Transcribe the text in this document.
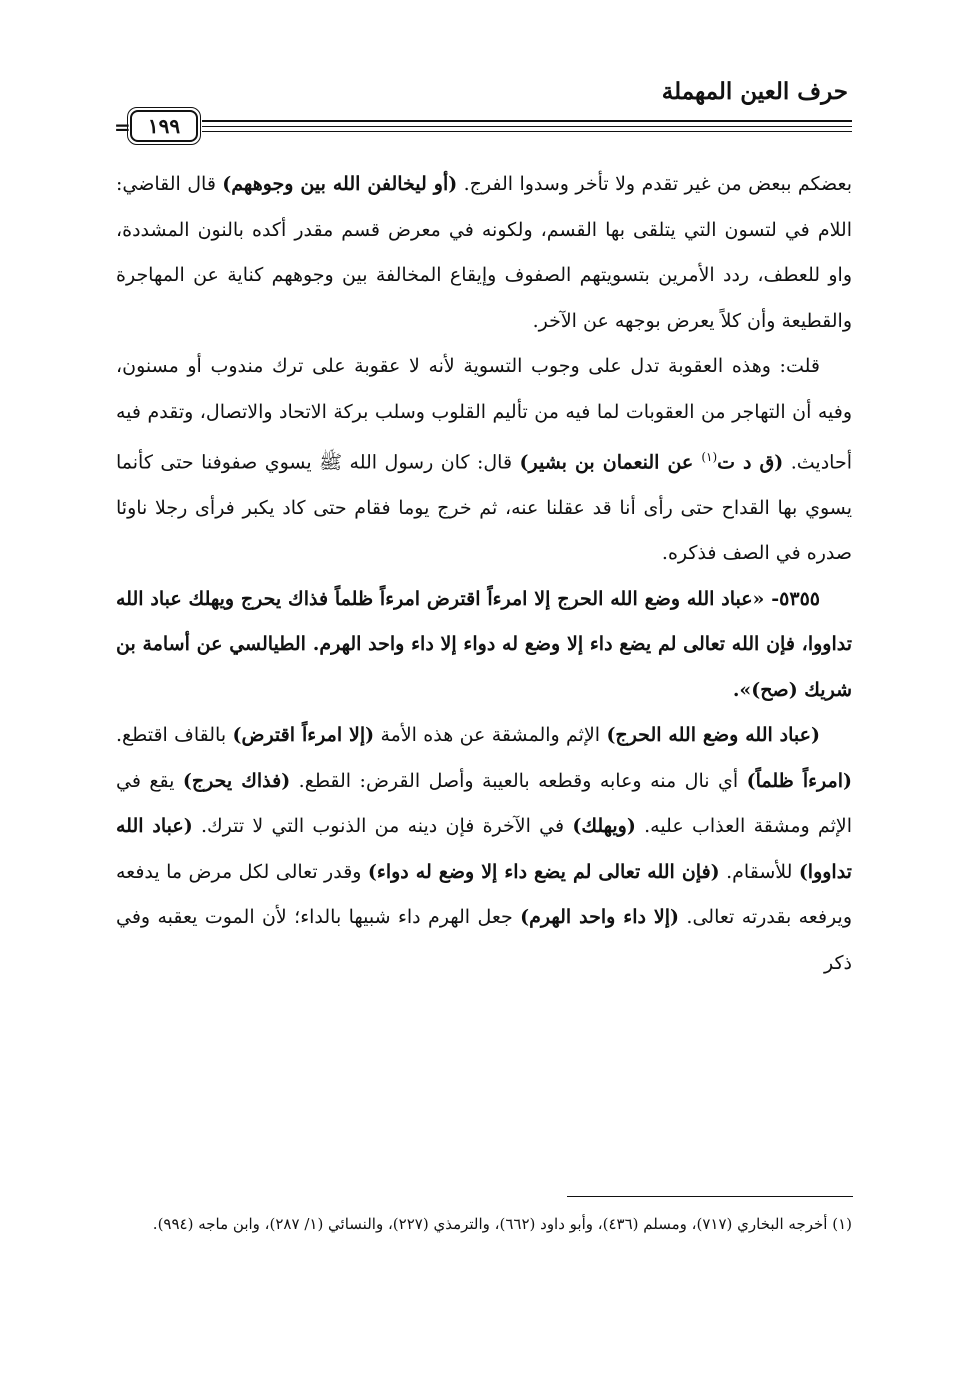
حرف العين المهملة
= ١٩٩

بعضكم ببعض من غير تقدم ولا تأخر وسدوا الفرج. (أو ليخالفن الله بين وجوههم) قال القاضي: اللام في لتسون التي يتلقى بها القسم، ولكونه في معرض قسم مقدر أكده بالنون المشددة، واو للعطف، ردد الأمرين بتسويتهم الصفوف وإيقاع المخالفة بين وجوههم كناية عن المهاجرة والقطيعة وأن كلاً يعرض بوجهه عن الآخر.

قلت: وهذه العقوبة تدل على وجوب التسوية لأنه لا عقوبة على ترك مندوب أو مسنون، وفيه أن التهاجر من العقوبات لما فيه من تأليم القلوب وسلب بركة الاتحاد والاتصال، وتقدم فيه أحاديث. (ق د ت$^{(١)}$ عن النعمان بن بشير) قال: كان رسول الله ﷺ يسوي صفوفنا حتى كأنما يسوي بها القداح حتى رأى أنا قد عقلنا عنه، ثم خرج يوما فقام حتى كاد يكبر فرأى رجلا ناوئا صدره في الصف فذكره.

٥٣٥٥- «عباد الله وضع الله الحرج إلا امرءاً اقترض امرءاً ظلماً فذاك يحرج ويهلك عباد الله تداووا، فإن الله تعالى لم يضع داء إلا وضع له دواء إلا داء واحد الهرم. الطيالسي عن أسامة بن شريك (صح)».

(عباد الله وضع الله الحرج) الإثم والمشقة عن هذه الأمة (إلا امرءاً اقترض) بالقاف اقتطع. (امرءاً ظلماً) أي نال منه وعابه وقطعه بالعيبة وأصل القرض: القطع. (فذاك يحرج) يقع في الإثم ومشقة العذاب عليه. (ويهلك) في الآخرة فإن دينه من الذنوب التي لا تترك. (عباد الله تداووا) للأسقام. (فإن الله تعالى لم يضع داء إلا وضع له دواء) وقدر تعالى لكل مرض ما يدفعه ويرفعه بقدرته تعالى. (إلا داء واحد الهرم) جعل الهرم داء شبيها بالداء؛ لأن الموت يعقبه وفي ذكر

(١) أخرجه البخاري (٧١٧)، ومسلم (٤٣٦)، وأبو داود (٦٦٢)، والترمذي (٢٢٧)، والنسائي (١/ ٢٨٧)، وابن ماجه (٩٩٤).
